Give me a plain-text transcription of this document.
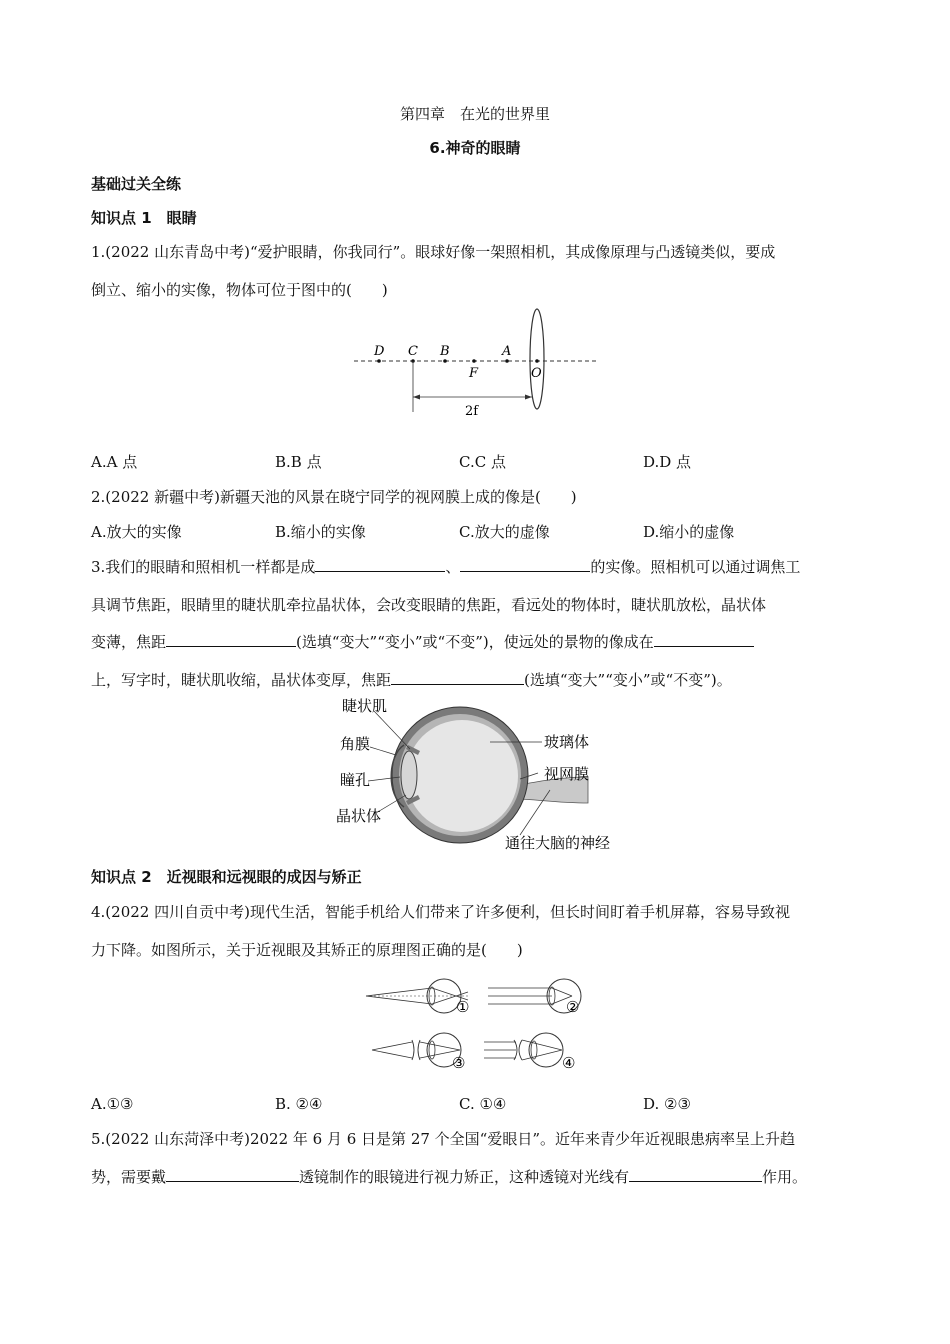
第四章　在光的世界里
6.神奇的眼睛
基础过关全练
知识点 1　眼睛
1.(2022 山东青岛中考)“爱护眼睛，你我同行”。眼球好像一架照相机，其成像原理与凸透镜类似，要成
倒立、缩小的实像，物体可位于图中的(　　)
D C B	A
F	O
2f
A.A 点	B.B 点	C.C 点	D.D 点
2.(2022 新疆中考)新疆天池的风景在晓宁同学的视网膜上成的像是(　　)
A.放大的实像	B.缩小的实像	C.放大的虚像	D.缩小的虚像
3.我们的眼睛和照相机一样都是成	、	的实像。照相机可以通过调焦工
具调节焦距，眼睛里的睫状肌牵拉晶状体，会改变眼睛的焦距，看远处的物体时，睫状肌放松，晶状体
变薄，焦距	(选填“变大”“变小”或“不变”)，使远处的景物的像成在
上，写字时，睫状肌收缩，晶状体变厚，焦距	(选填“变大”“变小”或“不变”)。
睫状肌
角膜
瞳孔
晶状体
玻璃体
视网膜
通往大脑的神经
知识点 2　近视眼和远视眼的成因与矫正
4.(2022 四川自贡中考)现代生活，智能手机给人们带来了许多便利，但长时间盯着手机屏幕，容易导致视
力下降。如图所示，关于近视眼及其矫正的原理图正确的是(　　)
①	②
③	④
A.①③	B. ②④	C. ①④	D. ②③
5.(2022 山东菏泽中考)2022 年 6 月 6 日是第 27 个全国“爱眼日”。近年来青少年近视眼患病率呈上升趋
势，需要戴	透镜制作的眼镜进行视力矫正，这种透镜对光线有	作用。
